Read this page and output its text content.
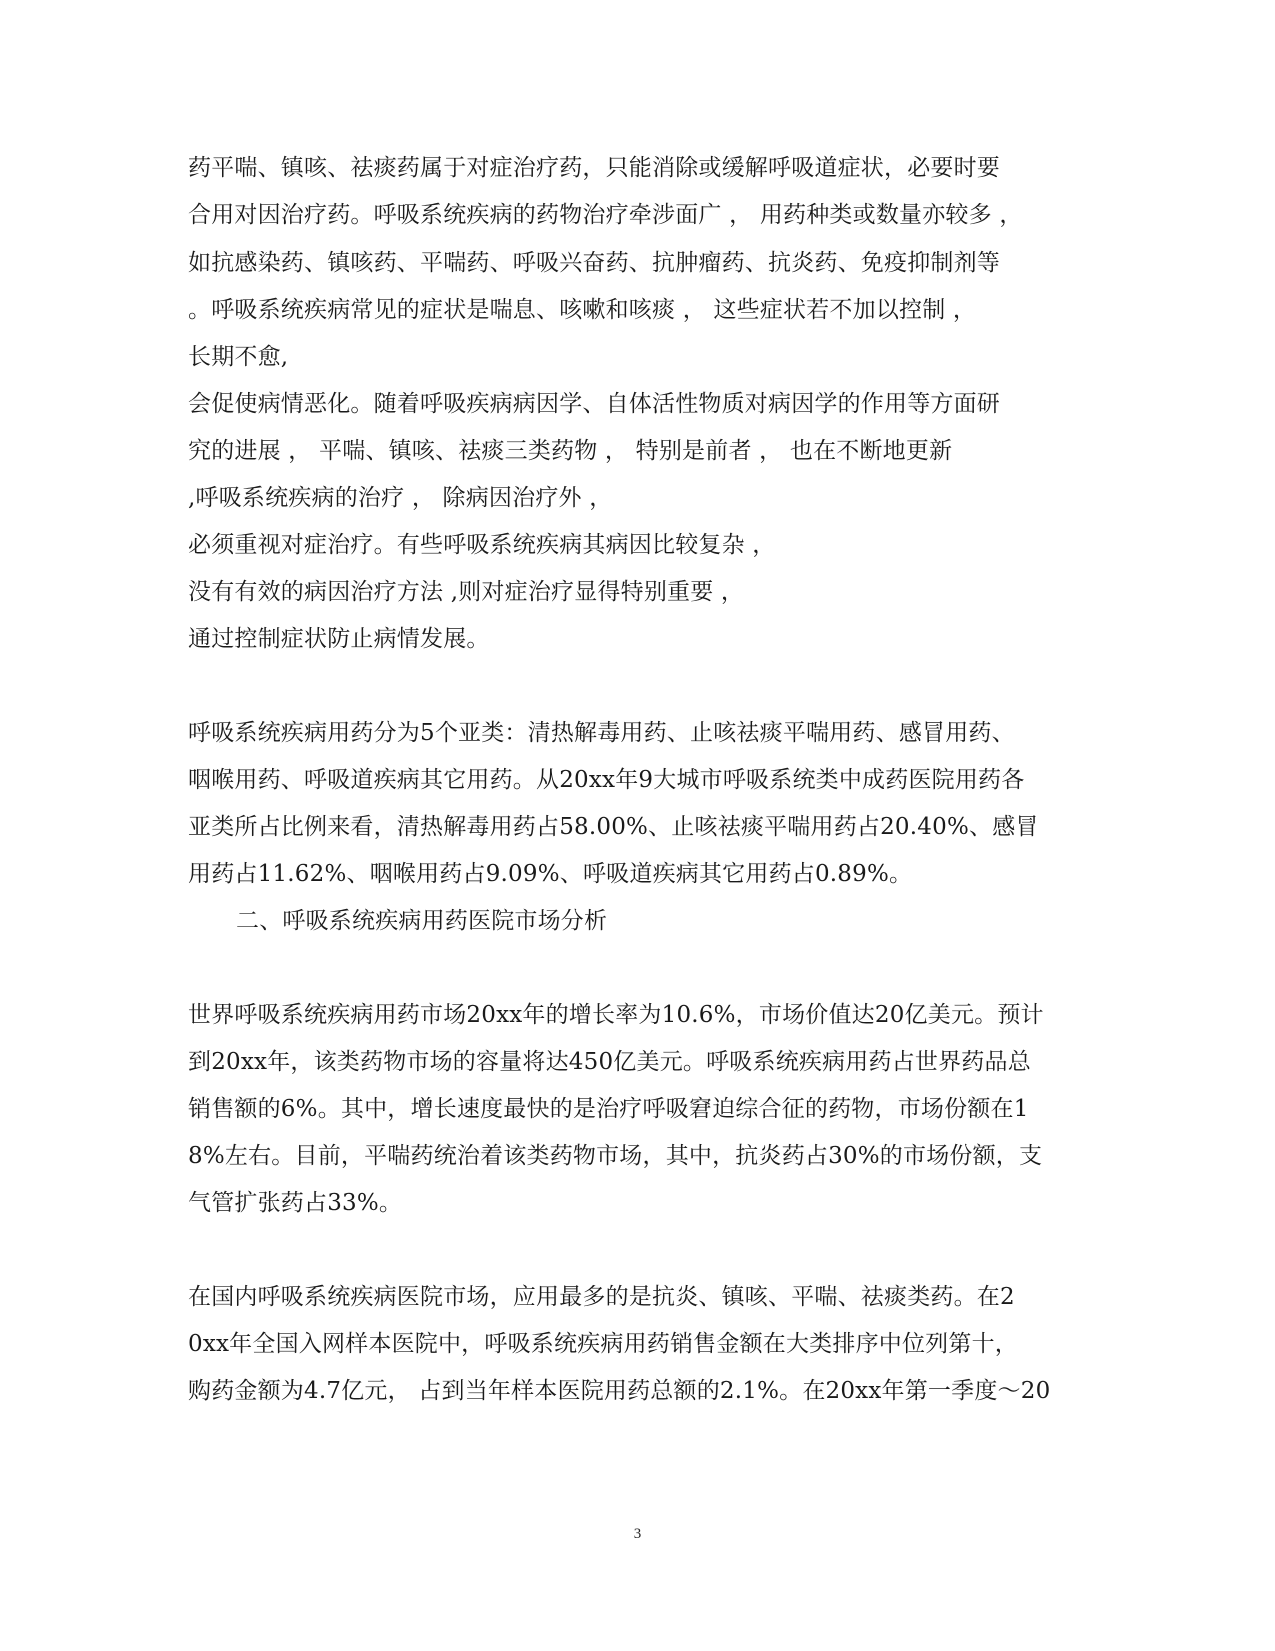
药平喘、镇咳、祛痰药属于对症治疗药，只能消除或缓解呼吸道症状，必要时要
合用对因治疗药。呼吸系统疾病的药物治疗牵涉面广 ， 用药种类或数量亦较多 ，
如抗感染药、镇咳药、平喘药、呼吸兴奋药、抗肿瘤药、抗炎药、免疫抑制剂等
。呼吸系统疾病常见的症状是喘息、咳嗽和咳痰 ， 这些症状若不加以控制 ，
长期不愈,
会促使病情恶化。随着呼吸疾病病因学、自体活性物质对病因学的作用等方面研
究的进展 ， 平喘、镇咳、祛痰三类药物 ， 特别是前者 ， 也在不断地更新
,呼吸系统疾病的治疗 ， 除病因治疗外 ，
必须重视对症治疗。有些呼吸系统疾病其病因比较复杂 ，
没有有效的病因治疗方法 ,则对症治疗显得特别重要 ，
通过控制症状防止病情发展。
呼吸系统疾病用药分为5个亚类：清热解毒用药、止咳祛痰平喘用药、感冒用药、
咽喉用药、呼吸道疾病其它用药。从20xx年9大城市呼吸系统类中成药医院用药各
亚类所占比例来看，清热解毒用药占58.00%、止咳祛痰平喘用药占20.40%、感冒
用药占11.62%、咽喉用药占9.09%、呼吸道疾病其它用药占0.89%。
二、呼吸系统疾病用药医院市场分析
世界呼吸系统疾病用药市场20xx年的增长率为10.6%，市场价值达20亿美元。预计
到20xx年，该类药物市场的容量将达450亿美元。呼吸系统疾病用药占世界药品总
销售额的6%。其中，增长速度最快的是治疗呼吸窘迫综合征的药物，市场份额在1
8%左右。目前，平喘药统治着该类药物市场，其中，抗炎药占30%的市场份额，支
气管扩张药占33%。
在国内呼吸系统疾病医院市场，应用最多的是抗炎、镇咳、平喘、祛痰类药。在2
0xx年全国入网样本医院中，呼吸系统疾病用药销售金额在大类排序中位列第十，
购药金额为4.7亿元， 占到当年样本医院用药总额的2.1%。在20xx年第一季度～20
3
